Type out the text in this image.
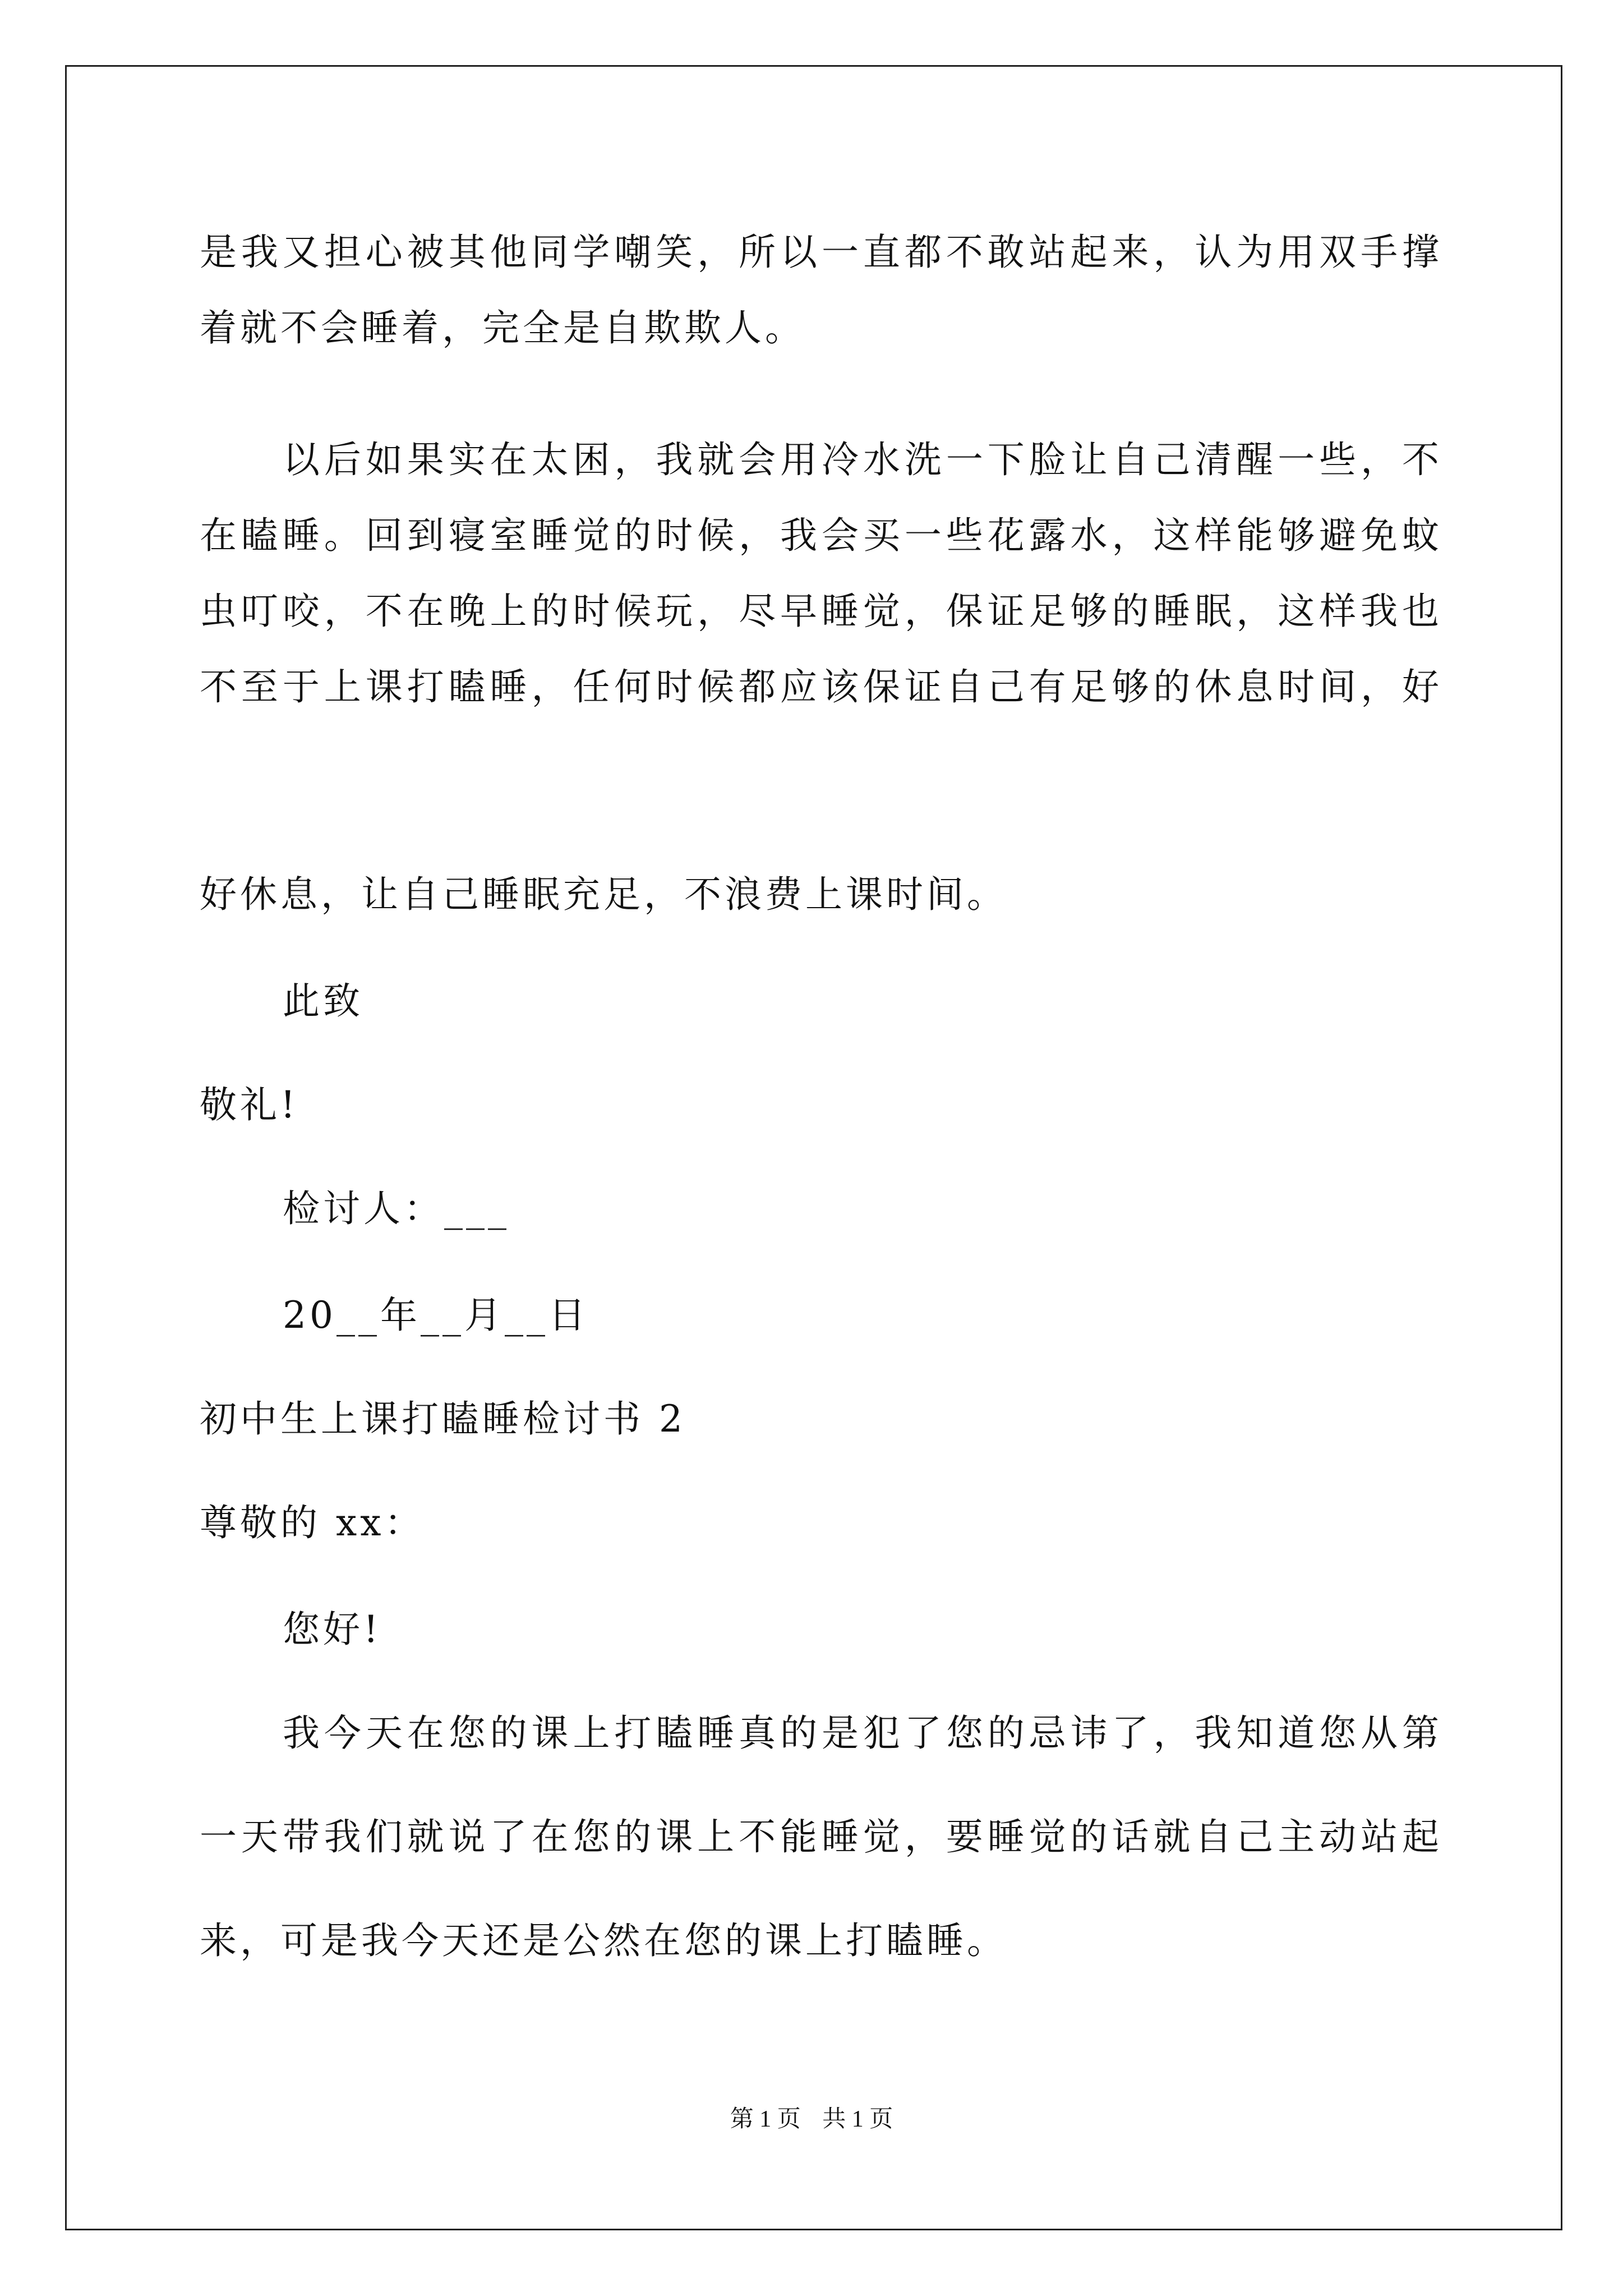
是我又担心被其他同学嘲笑，所以一直都不敢站起来，认为用双手撑
着就不会睡着，完全是自欺欺人。
以后如果实在太困，我就会用冷水洗一下脸让自己清醒一些，不
在瞌睡。回到寝室睡觉的时候，我会买一些花露水，这样能够避免蚊
虫叮咬，不在晚上的时候玩，尽早睡觉，保证足够的睡眠，这样我也
不至于上课打瞌睡，任何时候都应该保证自己有足够的休息时间，好
好休息，让自己睡眠充足，不浪费上课时间。
此致
敬礼!
检讨人：___
20__年__月__日
初中生上课打瞌睡检讨书 2
尊敬的 xx：
您好!
我今天在您的课上打瞌睡真的是犯了您的忌讳了，我知道您从第
一天带我们就说了在您的课上不能睡觉，要睡觉的话就自己主动站起
来，可是我今天还是公然在您的课上打瞌睡。
第 1 页 共 1 页
